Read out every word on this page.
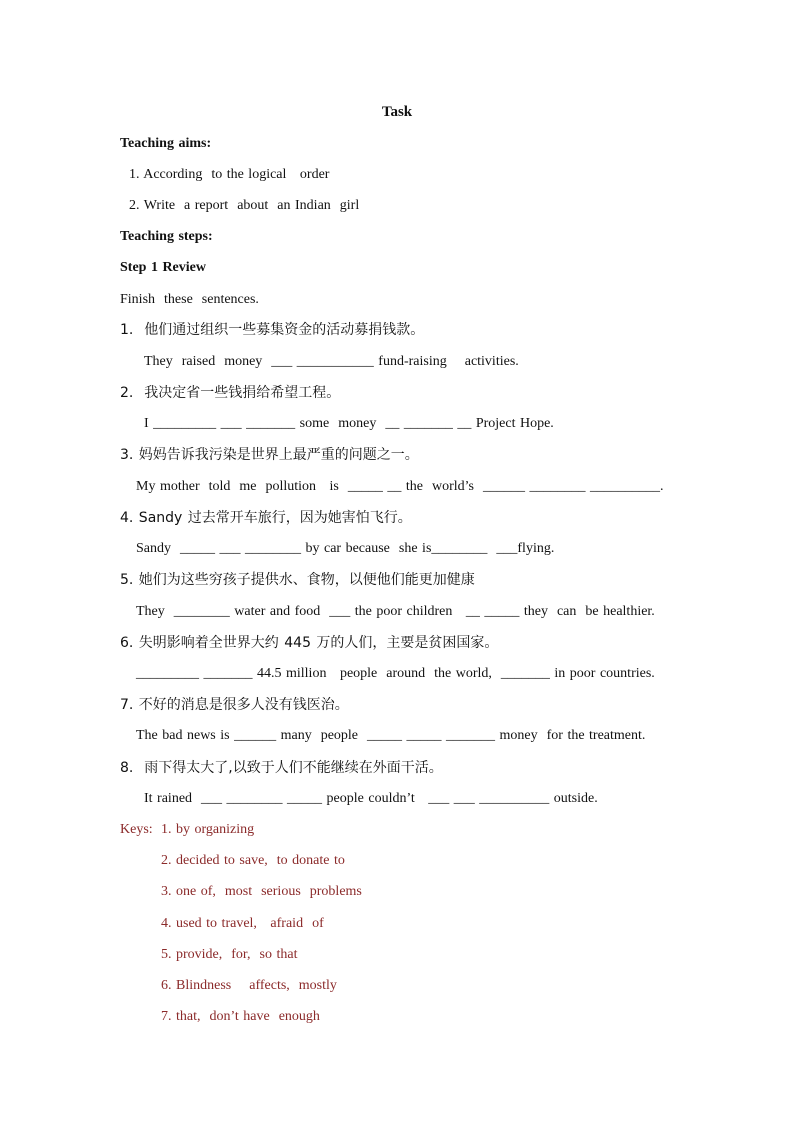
Task
Teaching aims:
1. According  to the logical   order
2. Write  a report  about  an Indian  girl
Teaching steps:
Step 1 Review
Finish  these  sentences.
1.  他们通过组织一些募集资金的活动募捐钱款。
They  raised  money  ___ ___________ fund-raising    activities.
2.  我决定省一些钱捐给希望工程。
I _________ ___ _______ some  money  __ _______ __ Project Hope.
3. 妈妈告诉我污染是世界上最严重的问题之一。
My mother  told  me  pollution   is  _____ __ the  world’s  ______ ________ __________.
4. Sandy 过去常开车旅行，因为她害怕飞行。
Sandy  _____ ___ ________ by car because  she is________  ___flying.
5. 她们为这些穷孩子提供水、食物，以便他们能更加健康
They  ________ water and food  ___ the poor children   __ _____ they  can  be healthier.
6. 失明影响着全世界大约 445 万的人们，主要是贫困国家。
_________ _______ 44.5 million   people  around  the world,  _______ in poor countries.
7. 不好的消息是很多人没有钱医治。
The bad news is ______ many  people  _____ _____ _______ money  for the treatment.
8.  雨下得太大了,以致于人们不能继续在外面干活。
It rained  ___ ________ _____ people couldn’t   ___ ___ __________ outside.
Keys: 1. by organizing
2. decided to save,  to donate to
3. one of,  most  serious  problems
4. used to travel,   afraid  of
5. provide,  for,  so that
6. Blindness    affects,  mostly
7. that,  don’t have  enough
